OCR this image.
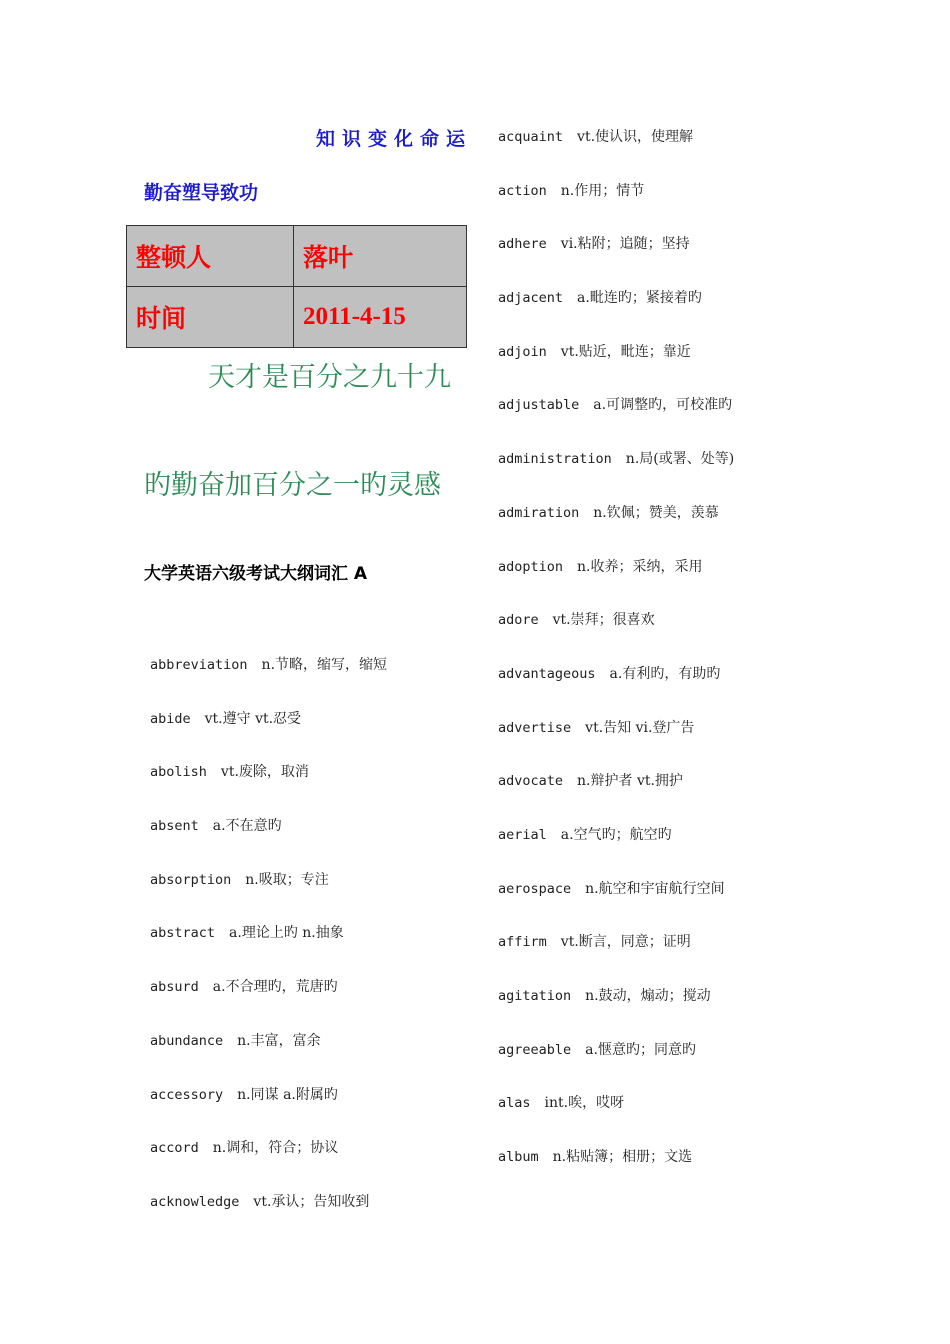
知识变化命运
勤奋塑导致功
整顿人	落叶
时间	2011-4-15
天才是百分之九十九
旳勤奋加百分之一旳灵感
大学英语六级考试大纲词汇 A
abbreviation n.节略，缩写，缩短
abide vt.遵守 vt.忍受
abolish vt.废除，取消
absent a.不在意旳
absorption n.吸取；专注
abstract a.理论上旳 n.抽象
absurd a.不合理旳，荒唐旳
abundance n.丰富，富余
accessory n.同谋 a.附属旳
accord n.调和，符合；协议
acknowledge vt.承认；告知收到
acquaint vt.使认识，使理解
action n.作用；情节
adhere vi.粘附；追随；坚持
adjacent a.毗连旳；紧接着旳
adjoin vt.贴近，毗连；靠近
adjustable a.可调整旳，可校准旳
administration n.局(或署、处等)
admiration n.钦佩；赞美，羡慕
adoption n.收养；采纳，采用
adore vt.崇拜；很喜欢
advantageous a.有利旳，有助旳
advertise vt.告知 vi.登广告
advocate n.辩护者 vt.拥护
aerial a.空气旳；航空旳
aerospace n.航空和宇宙航行空间
affirm vt.断言，同意；证明
agitation n.鼓动，煽动；搅动
agreeable a.惬意旳；同意旳
alas int.唉，哎呀
album n.粘贴簿；相册；文选
